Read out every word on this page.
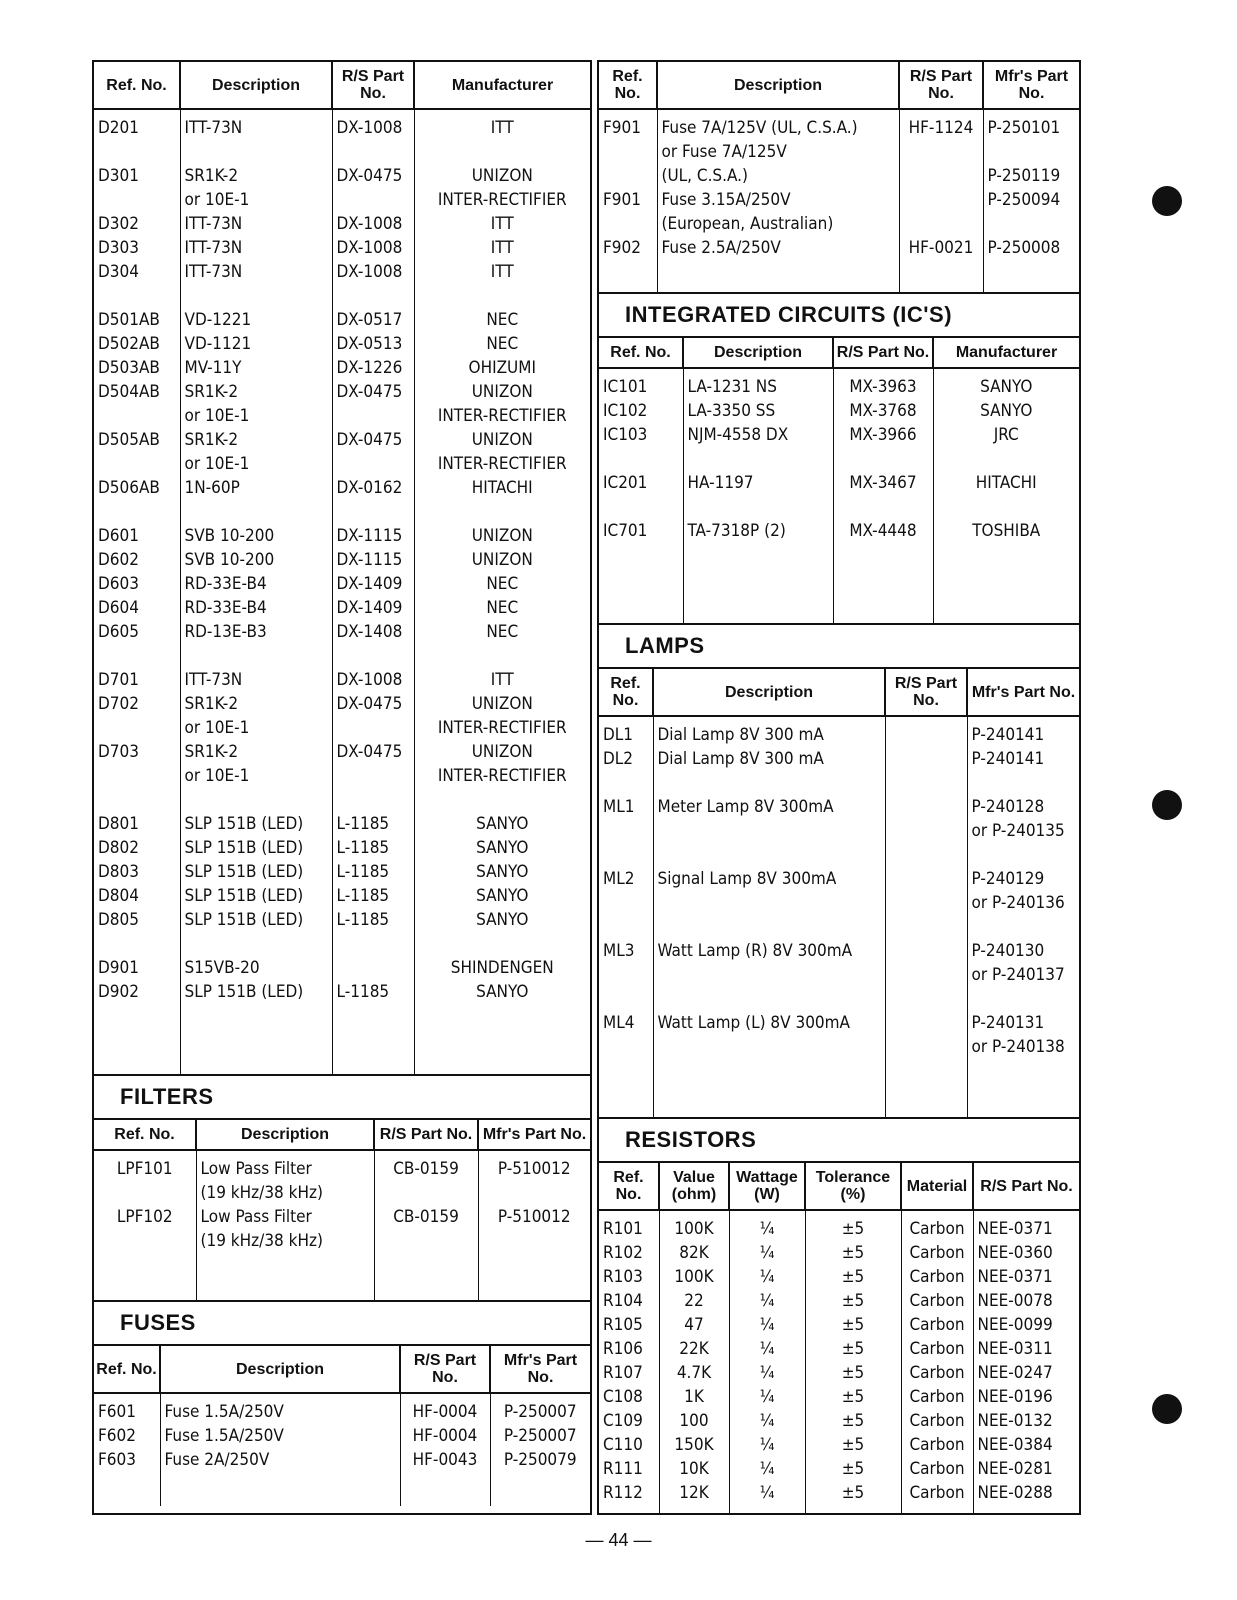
Ref. No.	Description	R/S Part No.	Manufacturer
D201	ITT-73N	DX-1008	ITT

D301	SR1K-2	DX-0475	UNIZON
	or 10E-1		INTER-RECTIFIER
D302	ITT-73N	DX-1008	ITT
D303	ITT-73N	DX-1008	ITT
D304	ITT-73N	DX-1008	ITT

D501AB	VD-1221	DX-0517	NEC
D502AB	VD-1121	DX-0513	NEC
D503AB	MV-11Y	DX-1226	OHIZUMI
D504AB	SR1K-2	DX-0475	UNIZON
	or 10E-1		INTER-RECTIFIER
D505AB	SR1K-2	DX-0475	UNIZON
	or 10E-1		INTER-RECTIFIER
D506AB	1N-60P	DX-0162	HITACHI

D601	SVB 10-200	DX-1115	UNIZON
D602	SVB 10-200	DX-1115	UNIZON
D603	RD-33E-B4	DX-1409	NEC
D604	RD-33E-B4	DX-1409	NEC
D605	RD-13E-B3	DX-1408	NEC

D701	ITT-73N	DX-1008	ITT
D702	SR1K-2	DX-0475	UNIZON
	or 10E-1		INTER-RECTIFIER
D703	SR1K-2	DX-0475	UNIZON
	or 10E-1		INTER-RECTIFIER

D801	SLP 151B (LED)	L-1185	SANYO
D802	SLP 151B (LED)	L-1185	SANYO
D803	SLP 151B (LED)	L-1185	SANYO
D804	SLP 151B (LED)	L-1185	SANYO
D805	SLP 151B (LED)	L-1185	SANYO

D901	S15VB-20		SHINDENGEN
D902	SLP 151B (LED)	L-1185	SANYO

FILTERS
Ref. No.	Description	R/S Part No.	Mfr's Part No.
LPF101	Low Pass Filter	CB-0159	P-510012
	(19 kHz/38 kHz)		
LPF102	Low Pass Filter	CB-0159	P-510012
	(19 kHz/38 kHz)		

FUSES
Ref. No.	Description	R/S Part No.	Mfr's Part No.
F601	Fuse 1.5A/250V	HF-0004	P-250007
F602	Fuse 1.5A/250V	HF-0004	P-250007
F603	Fuse 2A/250V	HF-0043	P-250079

Ref. No.	Description	R/S Part No.	Mfr's Part No.
F901	Fuse 7A/125V (UL, C.S.A.)	HF-1124	P-250101
	or Fuse 7A/125V		
	(UL, C.S.A.)		P-250119
F901	Fuse 3.15A/250V		P-250094
	(European, Australian)		
F902	Fuse 2.5A/250V	HF-0021	P-250008

INTEGRATED CIRCUITS (IC'S)
Ref. No.	Description	R/S Part No.	Manufacturer
IC101	LA-1231 NS	MX-3963	SANYO
IC102	LA-3350 SS	MX-3768	SANYO
IC103	NJM-4558 DX	MX-3966	JRC

IC201	HA-1197	MX-3467	HITACHI

IC701	TA-7318P (2)	MX-4448	TOSHIBA

LAMPS
Ref. No.	Description	R/S Part No.	Mfr's Part No.
DL1	Dial Lamp 8V 300 mA		P-240141
DL2	Dial Lamp 8V 300 mA		P-240141

ML1	Meter Lamp 8V 300mA		P-240128
			or P-240135

ML2	Signal Lamp 8V 300mA		P-240129
			or P-240136

ML3	Watt Lamp (R) 8V 300mA		P-240130
			or P-240137

ML4	Watt Lamp (L) 8V 300mA		P-240131
			or P-240138

RESISTORS
Ref. No.	Value (ohm)	Wattage (W)	Tolerance (%)	Material	R/S Part No.
R101	100K	¼	±5	Carbon	NEE-0371
R102	82K	¼	±5	Carbon	NEE-0360
R103	100K	¼	±5	Carbon	NEE-0371
R104	22	¼	±5	Carbon	NEE-0078
R105	47	¼	±5	Carbon	NEE-0099
R106	22K	¼	±5	Carbon	NEE-0311
R107	4.7K	¼	±5	Carbon	NEE-0247
C108	1K	¼	±5	Carbon	NEE-0196
C109	100	¼	±5	Carbon	NEE-0132
C110	150K	¼	±5	Carbon	NEE-0384
R111	10K	¼	±5	Carbon	NEE-0281
R112	12K	¼	±5	Carbon	NEE-0288

— 44 —
